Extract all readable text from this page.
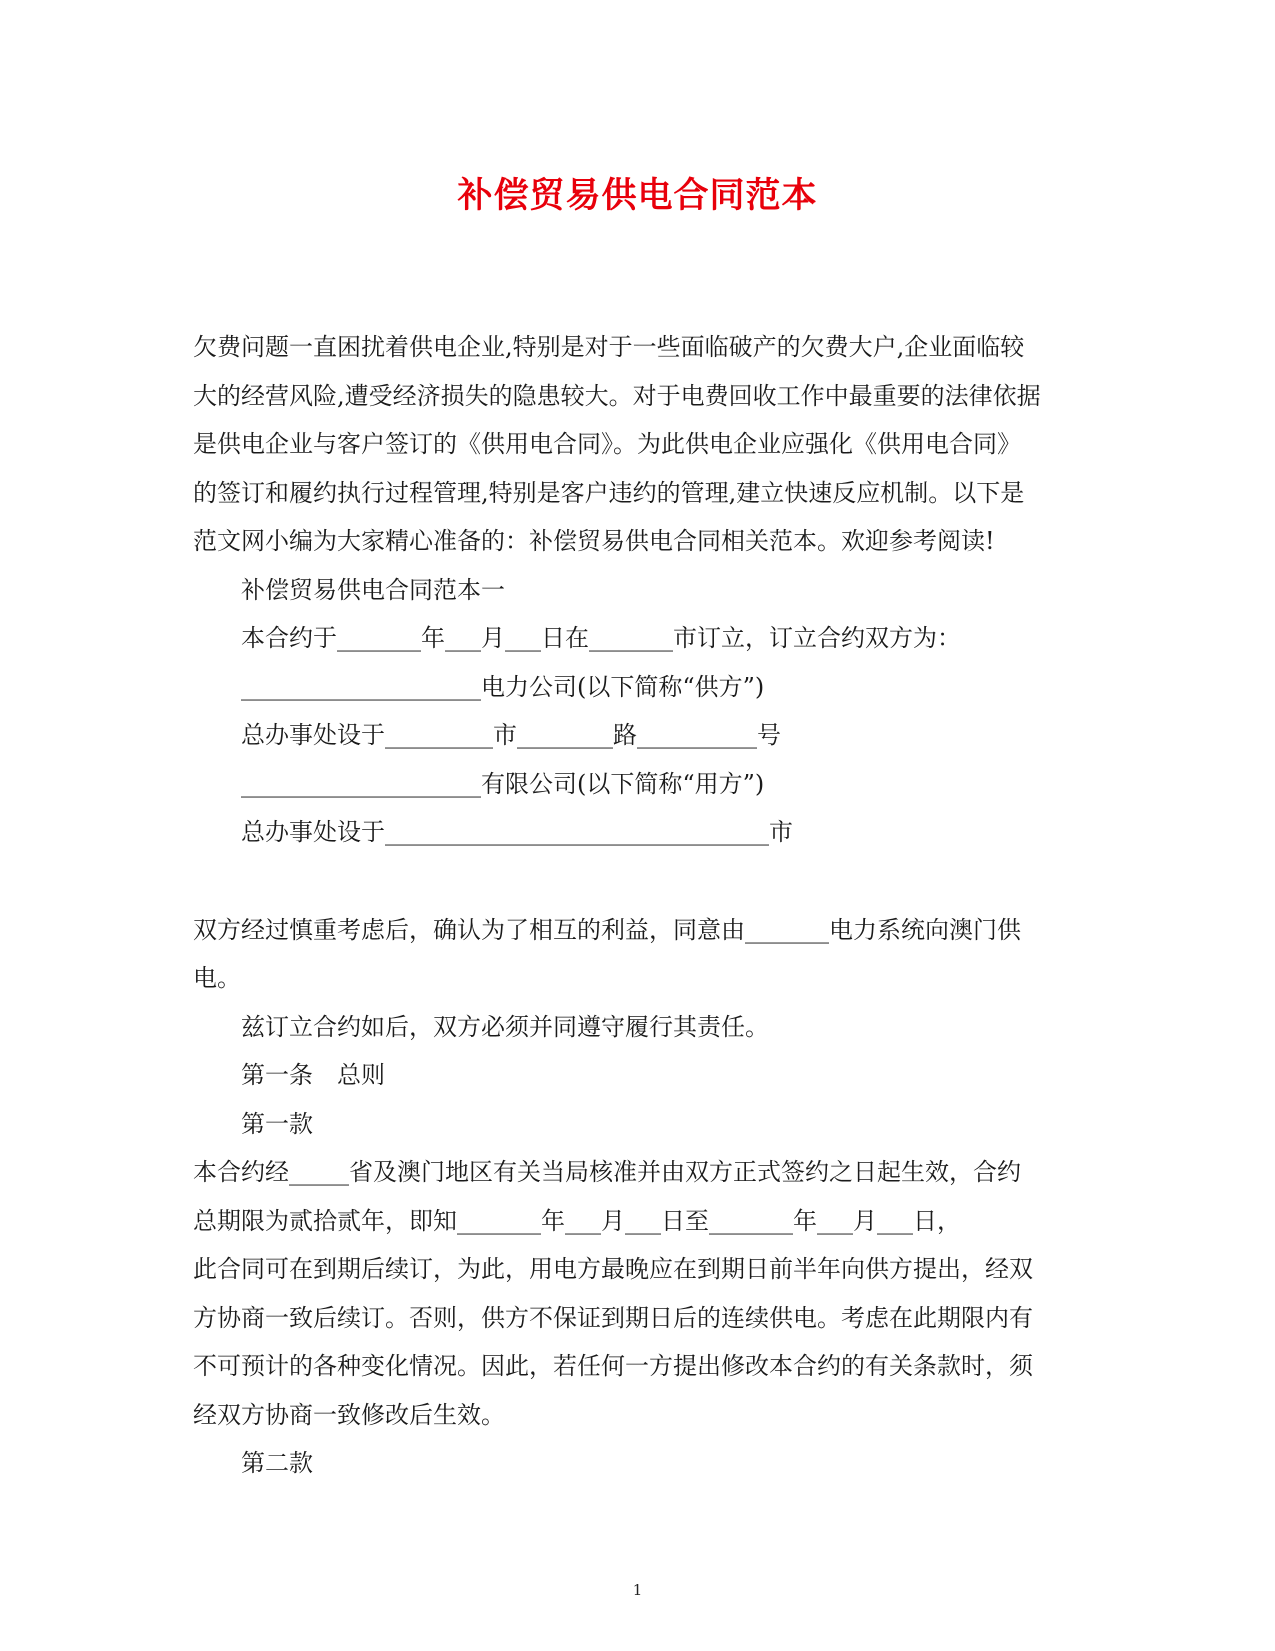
补偿贸易供电合同范本

欠费问题一直困扰着供电企业,特别是对于一些面临破产的欠费大户,企业面临较

大的经营风险,遭受经济损失的隐患较大。对于电费回收工作中最重要的法律依据

是供电企业与客户签订的《供用电合同》。为此供电企业应强化《供用电合同》

的签订和履约执行过程管理,特别是客户违约的管理,建立快速反应机制。以下是

范文网小编为大家精心准备的：补偿贸易供电合同相关范本。欢迎参考阅读!

补偿贸易供电合同范本一

本合约于_______年___月___日在_______市订立，订立合约双方为：

____________________电力公司(以下简称“供方”)

总办事处设于_________市________路__________号

____________________有限公司(以下简称“用方”)

总办事处设于________________________________市

双方经过慎重考虑后，确认为了相互的利益，同意由_______电力系统向澳门供

电。

兹订立合约如后，双方必须并同遵守履行其责任。

第一条　总则

第一款

本合约经_____省及澳门地区有关当局核准并由双方正式签约之日起生效，合约

总期限为贰拾贰年，即知_______年___月___日至_______年___月___日，

此合同可在到期后续订，为此，用电方最晚应在到期日前半年向供方提出，经双

方协商一致后续订。否则，供方不保证到期日后的连续供电。考虑在此期限内有

不可预计的各种变化情况。因此，若任何一方提出修改本合约的有关条款时，须

经双方协商一致修改后生效。

第二款

1
